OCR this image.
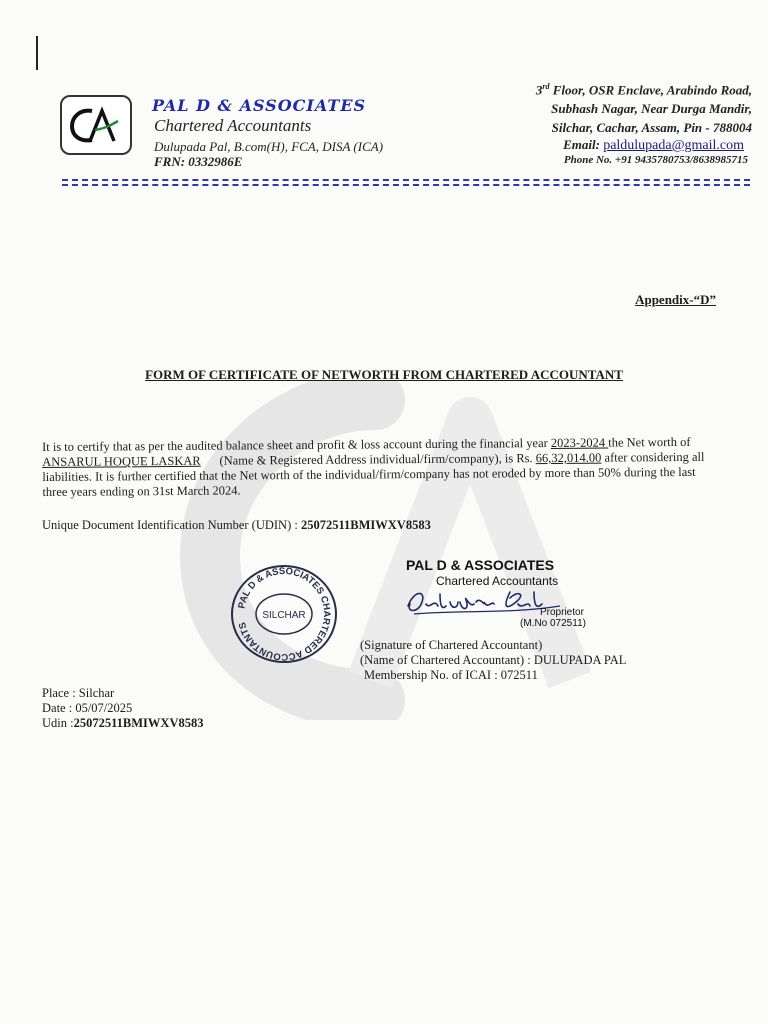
PAL D & ASSOCIATES
Chartered Accountants
Dulupada Pal, B.com(H), FCA, DISA (ICA)
FRN: 0332986E
3rd Floor, OSR Enclave, Arabindo Road,
Subhash Nagar, Near Durga Mandir,
Silchar, Cachar, Assam, Pin - 788004
Email: paldulupada@gmail.com
Phone No. +91 9435780753/8638985715
Appendix-“D”
FORM OF CERTIFICATE OF NETWORTH FROM CHARTERED ACCOUNTANT
It is to certify that as per the audited balance sheet and profit & loss account during the financial year 2023-2024 the Net worth of ANSARUL HOQUE LASKAR      (Name & Registered Address individual/firm/company), is Rs. 66,32,014.00 after considering all liabilities. It is further certified that the Net worth of the individual/firm/company has not eroded by more than 50% during the last three years ending on 31st March 2024.
Unique Document Identification Number (UDIN) : 25072511BMIWXV8583
PAL D & ASSOCIATES CHARTERED ACCOUNTANTS
SILCHAR
PAL D & ASSOCIATES
Chartered Accountants
Proprietor
(M.No 072511)
(Signature of Chartered Accountant)
(Name of Chartered Accountant) : DULUPADA PAL
Membership No. of ICAI : 072511
Place : Silchar
Date : 05/07/2025
Udin :25072511BMIWXV8583
